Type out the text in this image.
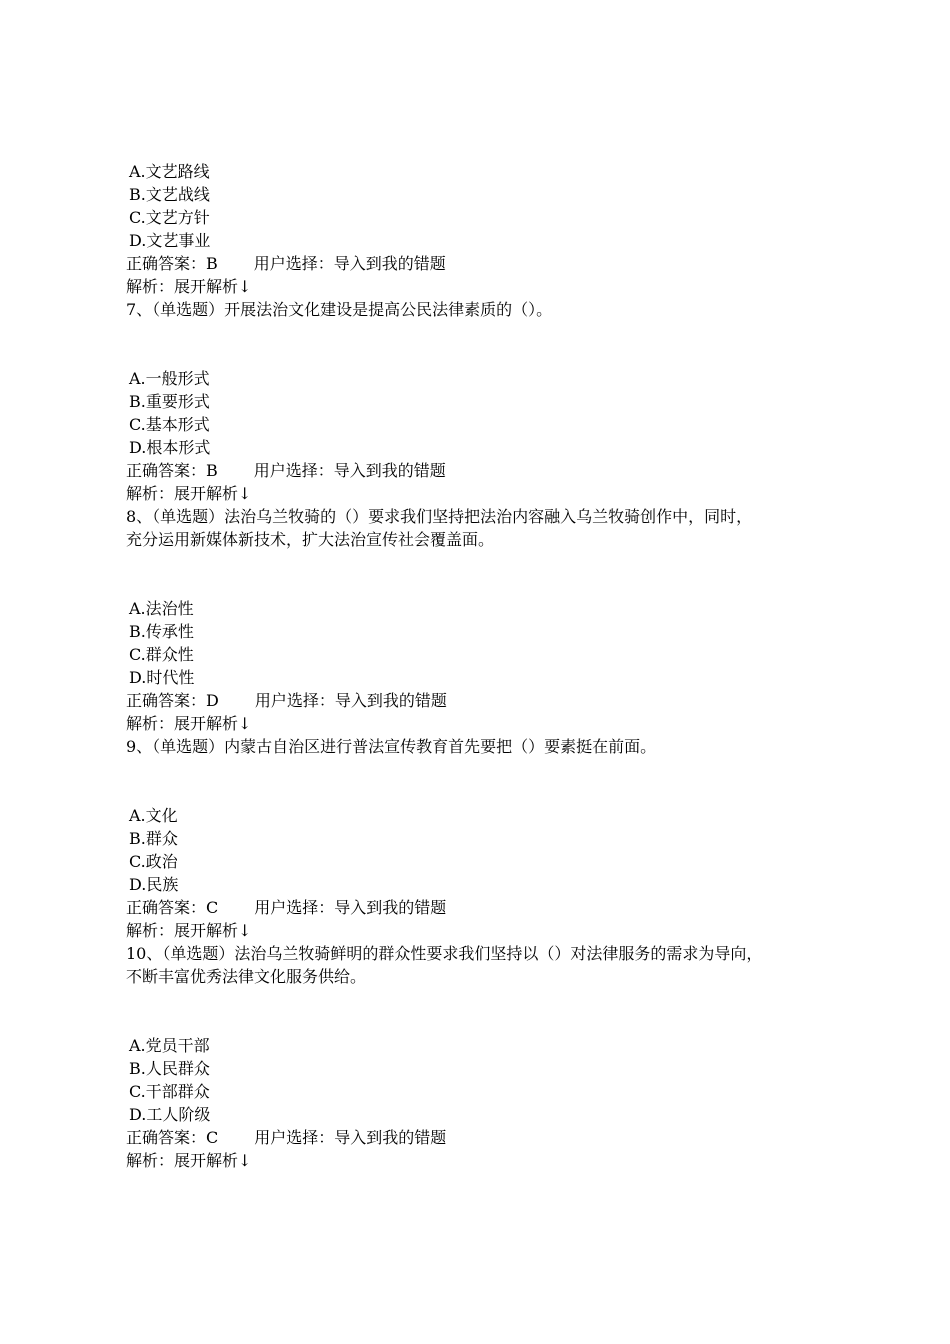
A.文艺路线
B.文艺战线
C.文艺方针
D.文艺事业
正确答案：B 用户选择：导入到我的错题
解析：展开解析↓
7、（单选题）开展法治文化建设是提高公民法律素质的（）。
A.一般形式
B.重要形式
C.基本形式
D.根本形式
正确答案：B 用户选择：导入到我的错题
解析：展开解析↓
8、（单选题）法治乌兰牧骑的（）要求我们坚持把法治内容融入乌兰牧骑创作中，同时，
充分运用新媒体新技术，扩大法治宣传社会覆盖面。
A.法治性
B.传承性
C.群众性
D.时代性
正确答案：D 用户选择：导入到我的错题
解析：展开解析↓
9、（单选题）内蒙古自治区进行普法宣传教育首先要把（）要素挺在前面。
A.文化
B.群众
C.政治
D.民族
正确答案：C 用户选择：导入到我的错题
解析：展开解析↓
10、（单选题）法治乌兰牧骑鲜明的群众性要求我们坚持以（）对法律服务的需求为导向，
不断丰富优秀法律文化服务供给。
A.党员干部
B.人民群众
C.干部群众
D.工人阶级
正确答案：C 用户选择：导入到我的错题
解析：展开解析↓
